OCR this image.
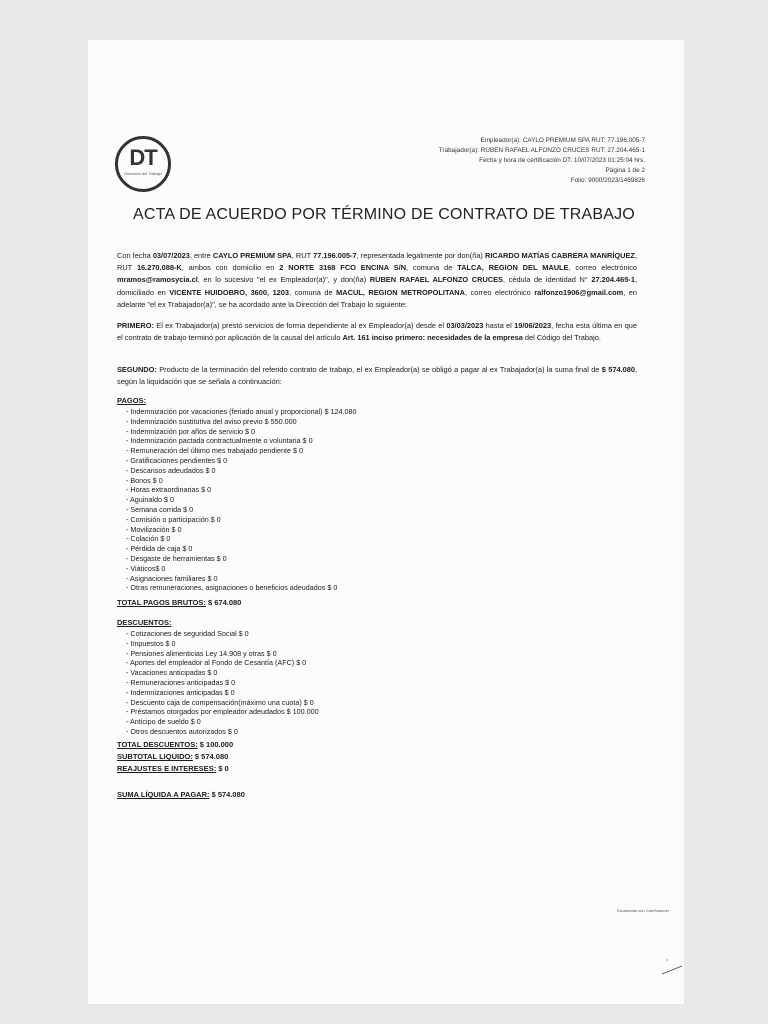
DT
Dirección del Trabajo
Empleador(a): CAYLO PREMIUM SPA RUT: 77.196.005-7
Trabajador(a): RUBEN RAFAEL ALFONZO CRUCES RUT: 27.204.465-1
Fecha y hora de certificación DT: 10/07/2023 01:25:04 hrs.
Página 1 de 2
Folio: 9000/2023/1469826
ACTA DE ACUERDO POR TÉRMINO DE CONTRATO DE TRABAJO
Con fecha 03/07/2023, entre CAYLO PREMIUM SPA, RUT 77.196.005-7, representada legalmente por don(ña) RICARDO MATÍAS CABRERA MANRÍQUEZ, RUT 16.270.088-K, ambos con domicilio en 2 NORTE 3168 FCO ENCINA S/N, comuna de TALCA, REGION DEL MAULE, correo electrónico mramos@ramosycia.cl, en lo sucesivo "el ex Empleador(a)", y don(ña) RUBEN RAFAEL ALFONZO CRUCES, cédula de identidad N° 27.204.465-1, domiciliado en VICENTE HUIDOBRO, 3600, 1203, comuna de MACUL, REGION METROPOLITANA, correo electrónico ralfonzo1906@gmail.com, en adelante "el ex Trabajador(a)", se ha acordado ante la Dirección del Trabajo lo siguiente:
PRIMERO: El ex Trabajador(a) prestó servicios de forma dependiente al ex Empleador(a) desde el 03/03/2023 hasta el 19/06/2023, fecha esta última en que el contrato de trabajo terminó por aplicación de la causal del artículo Art. 161 inciso primero: necesidades de la empresa del Código del Trabajo.
SEGUNDO: Producto de la terminación del referido contrato de trabajo, el ex Empleador(a) se obligó a pagar al ex Trabajador(a) la suma final de $ 574.080, según la liquidación que se señala a continuación:
PAGOS:
- Indemnización por vacaciones (feriado anual y proporcional) $ 124.080
- Indemnización sustitutiva del aviso previo $ 550.000
- Indemnización por años de servicio $ 0
- Indemnización pactada contractualmente o voluntaria $ 0
- Remuneración del último mes trabajado pendiente $ 0
- Gratificaciones pendientes $ 0
- Descansos adeudados $ 0
- Bonos $ 0
- Horas extraordinarias $ 0
- Aguinaldo $ 0
- Semana corrida $ 0
- Comisión o participación $ 0
- Movilización $ 0
- Colación $ 0
- Pérdida de caja $ 0
- Desgaste de herramientas $ 0
- Viáticos$ 0
- Asignaciones familiares $ 0
- Otras remuneraciones, asignaciones o beneficios adeudados $ 0
TOTAL PAGOS BRUTOS: $ 674.080
DESCUENTOS:
- Cotizaciones de seguridad Social $ 0
- Impuestos $ 0
- Pensiones alimenticias Ley 14.908 y otras $ 0
- Aportes del empleador al Fondo de Cesantía (AFC) $ 0
- Vacaciones anticipadas $ 0
- Remuneraciones anticipadas $ 0
- Indemnizaciones anticipadas $ 0
- Descuento caja de compensación(máximo una cuota) $ 0
- Préstamos otorgados por empleador adeudados $ 100.000
- Anticipo de sueldo $ 0
- Otros descuentos autorizados $ 0
TOTAL DESCUENTOS: $ 100.000
SUBTOTAL LIQUIDO: $ 574.080
REAJUSTES E INTERESES: $ 0
SUMA LÍQUIDA A PAGAR: $ 574.080
Escaneado con CamScanner
